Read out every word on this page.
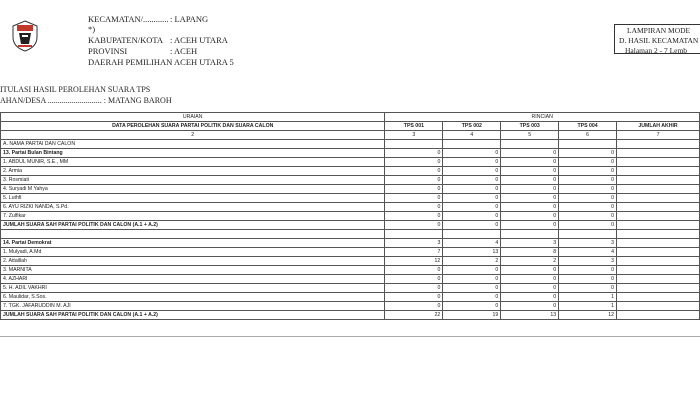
KECAMATAN/............ : LAPANG
*)
KABUPATEN/KOTA : ACEH UTARA
PROVINSI	: ACEH
DAERAH PEMILIHAN
: ACEH UTARA 5
LAMPIRAN MODE
D. HASIL KECAMATAN
Halaman 2 - 7 Lemb
ITULASI HASIL PEROLEHAN SUARA TPS
AHAN/DESA ........................... : MATANG BAROH
URAIAN	RINCIAN				
DATA PEROLEHAN SUARA PARTAI POLITIK DAN SUARA CALON	TPS 001	TPS 002	TPS 003	TPS 004	JUMLAH AKHIR
2	3	4	5	6	7
A. NAMA PARTAI DAN CALON					
13. Partai Bulan Bintang	0	0	0	0	
1. ABDUL MUNIR, S.E., MM	0	0	0	0	
2. Armia	0	0	0	0	
3. Rosmiati	0	0	0	0	
4. Suryadi M Yahya	0	0	0	0	
5. Luthfi	0	0	0	0	
6. AYU RIZKI NANDA, S.Pd.	0	0	0	0	
7. Zulfikar	0	0	0	0	
JUMLAH SUARA SAH PARTAI POLITIK DAN CALON (A.1 + A.2)	0	0	0	0	

14. Partai Demokrat	3	4	3	3	
1. Mulyadi, A.Md	7	13	8	4	
2. Attaillah	12	2	2	3	
3. MARNITA	0	0	0	0	
4. AZHARI	0	0	0	0	
5. H. ADIL VAKHRI	0	0	0	0	
6. Maulidar, S.Sos.	0	0	0	1	
7. TGK. JAFARUDDIN M. AJI	0	0	0	1	
JUMLAH SUARA SAH PARTAI POLITIK DAN CALON (A.1 + A.2)	22	19	13	12	
